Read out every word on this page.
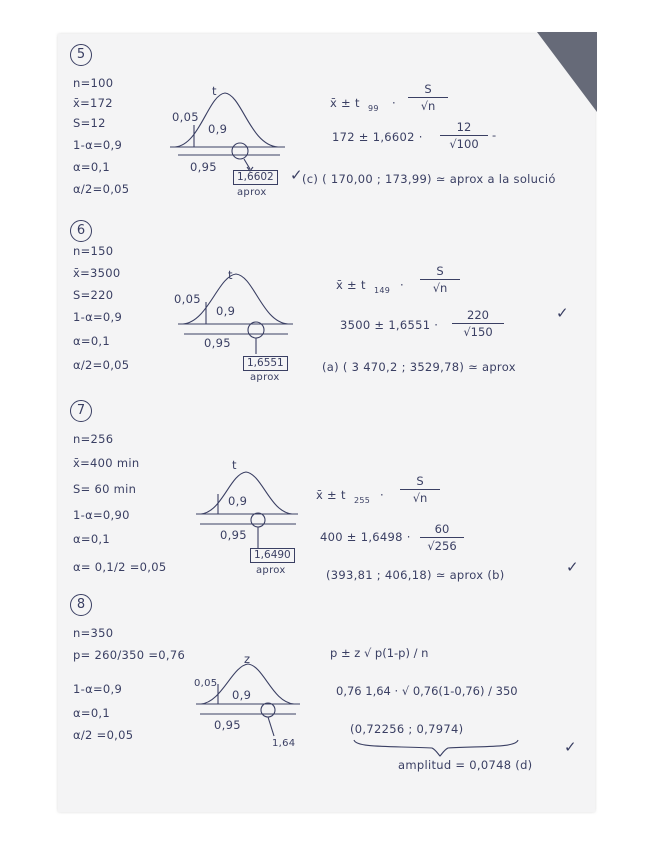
5
n=100
x̄=172
S=12
1-α=0,9
α=0,1
α/2=0,05
t
0,05
0,9
0,95
1,6602
aprox
x̄ ± t 99 ·
S
√n
172 ± 1,6602 ·
12
√100
-
✓ (c) ( 170,00 ; 173,99) ≃ aprox a la solució
6
n=150
x̄=3500
S=220
1-α=0,9
α=0,1
α/2=0,05
t
0,05
0,9
0,95
1,6551
aprox
x̄ ± t 149 ·
S
√n
3500 ± 1,6551 ·
220
√150
✓
(a) ( 3 470,2 ; 3529,78) ≃ aprox
7
n=256
x̄=400 min
S= 60 min
1-α=0,90
α=0,1
α= 0,1/2 =0,05
t
0,9
0,95
1,6490
aprox
x̄ ± t 255 ·
S
√n
400 ± 1,6498 ·
60
√256
(393,81 ; 406,18) ≃ aprox (b)	✓
8
n=350
p= 260/350 =0,76
1-α=0,9
α=0,1
α/2 =0,05
z
0,05
0,9
0,95
1,64
p ± z √ p(1-p) / n
0,76 1,64 · √ 0,76(1-0,76) / 350
(0,72256 ; 0,7974)
amplitud = 0,0748 (d)
✓
